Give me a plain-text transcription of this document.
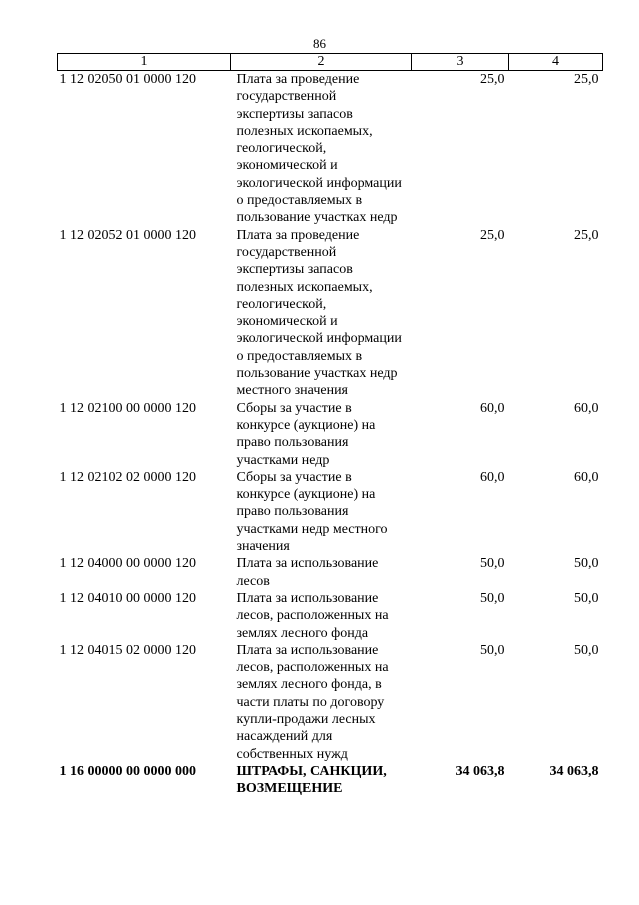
86
1	2	3	4
1 12 02050 01 0000 120	Плата за проведение государственной экспертизы запасов полезных ископаемых, геологической, экономической и экологической информации о предоставляемых в пользование участках недр	25,0	25,0
1 12 02052 01 0000 120	Плата за проведение государственной экспертизы запасов полезных ископаемых, геологической, экономической и экологической информации о предоставляемых в пользование участках недр местного значения	25,0	25,0
1 12 02100 00 0000 120	Сборы за участие в конкурсе (аукционе) на право пользования участками недр	60,0	60,0
1 12 02102 02 0000 120	Сборы за участие в конкурсе (аукционе) на право пользования участками недр местного значения	60,0	60,0
1 12 04000 00 0000 120	Плата за использование лесов	50,0	50,0
1 12 04010 00 0000 120	Плата за использование лесов, расположенных на землях лесного фонда	50,0	50,0
1 12 04015 02 0000 120	Плата за использование лесов, расположенных на землях лесного фонда, в части платы по договору купли-продажи лесных насаждений для собственных нужд	50,0	50,0
1 16 00000 00 0000 000	ШТРАФЫ, САНКЦИИ, ВОЗМЕЩЕНИЕ	34 063,8	34 063,8
